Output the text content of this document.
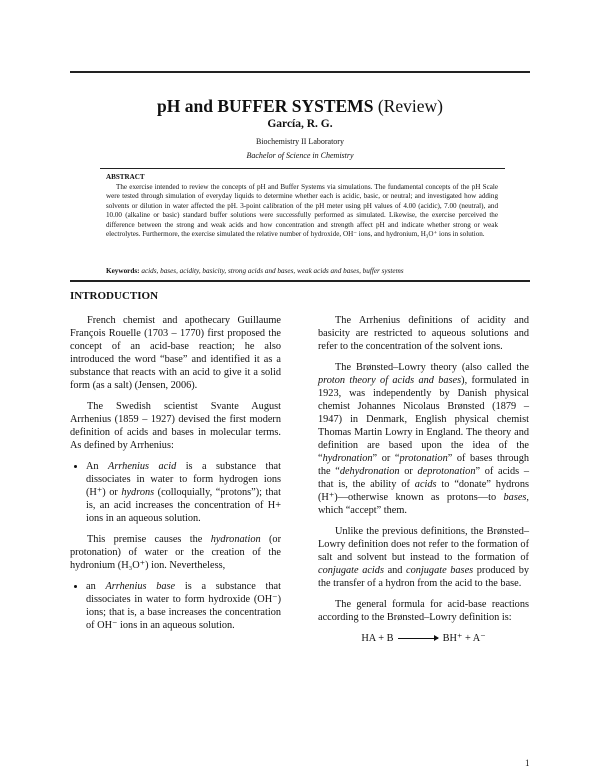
pH and BUFFER SYSTEMS (Review)
García, R. G.
Biochemistry II Laboratory
Bachelor of Science in Chemistry
ABSTRACT

The exercise intended to review the concepts of pH and Buffer Systems via simulations. The fundamental concepts of the pH Scale were tested through simulation of everyday liquids to determine whether each is acidic, basic, or neutral; and investigated how adding solvents or dilution in water affected the pH. 3-point calibration of the pH meter using pH values of 4.00 (acidic), 7.00 (neutral), and 10.00 (alkaline or basic) standard buffer solutions were successfully performed as simulated. Likewise, the exercise perceived the difference between the strong and weak acids and how concentration and strength affect pH and indicate whether strong or weak electrolytes. Furthermore, the exercise simulated the relative number of hydroxide, OH⁻ ions, and hydronium, H₃O⁺ ions in solution.

Keywords: acids, bases, acidity, basicity, strong acids and bases, weak acids and bases, buffer systems
INTRODUCTION

French chemist and apothecary Guillaume François Rouelle (1703 – 1770) first proposed the concept of an acid-base reaction; he also introduced the word “base” and identified it as a substance that reacts with an acid to give it a solid form (as a salt) (Jensen, 2006).

The Swedish scientist Svante August Arrhenius (1859 – 1927) devised the first modern definition of acids and bases in molecular terms. As defined by Arrhenius:

• An Arrhenius acid is a substance that dissociates in water to form hydrogen ions (H⁺) or hydrons (colloquially, “protons”); that is, an acid increases the concentration of H+ ions in an aqueous solution.

This premise causes the hydronation (or protonation) of water or the creation of the hydronium (H₃O⁺) ion. Nevertheless,

• an Arrhenius base is a substance that dissociates in water to form hydroxide (OH⁻) ions; that is, a base increases the concentration of OH⁻ ions in an aqueous solution.

The Arrhenius definitions of acidity and basicity are restricted to aqueous solutions and refer to the concentration of the solvent ions.

The Brønsted–Lowry theory (also called the proton theory of acids and bases), formulated in 1923, was independently by Danish physical chemist Johannes Nicolaus Brønsted (1879 – 1947) in Denmark, English physical chemist Thomas Martin Lowry in England. The theory and definition are based upon the idea of the “hydronation” or “protonation” of bases through the “dehydronation or deprotonation” of acids – that is, the ability of acids to “donate” hydrons (H⁺)—otherwise known as protons—to bases, which “accept” them.

Unlike the previous definitions, the Brønsted–Lowry definition does not refer to the formation of salt and solvent but instead to the formation of conjugate acids and conjugate bases produced by the transfer of a hydron from the acid to the base.

The general formula for acid-base reactions according to the Brønsted–Lowry definition is:

HA + B → BH⁺ + A⁻
1
